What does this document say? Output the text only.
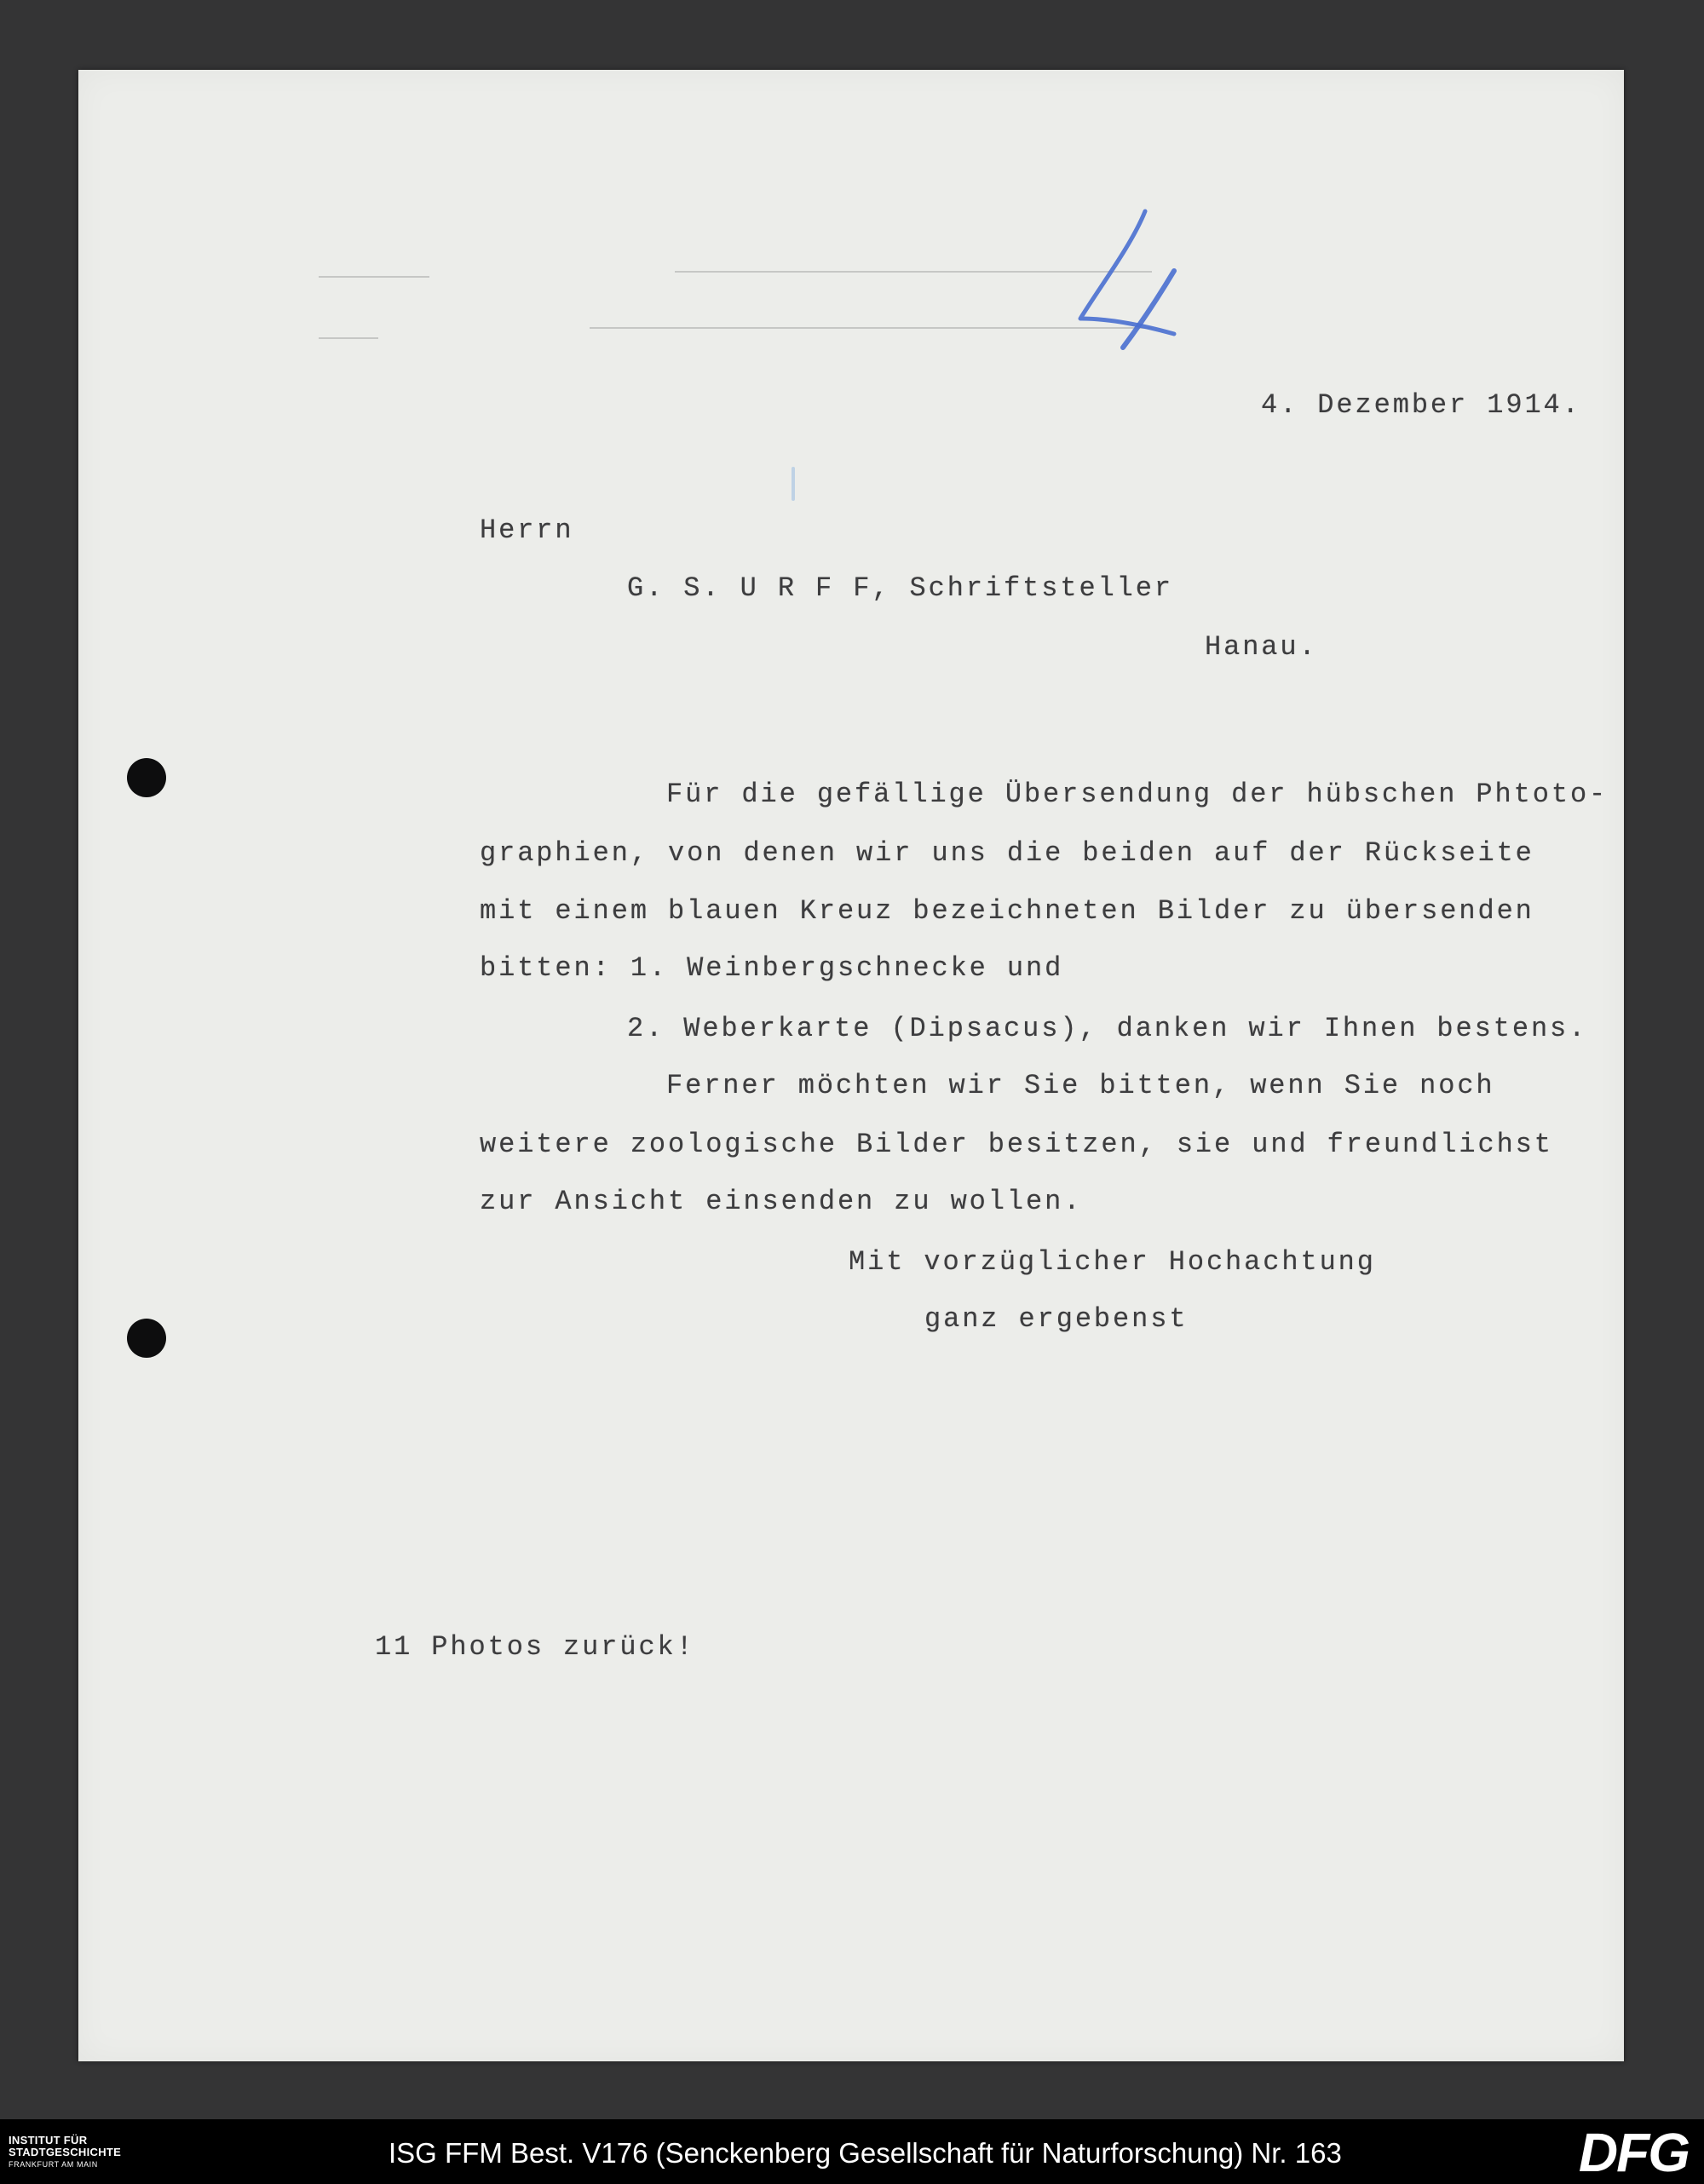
4. Dezember 1914.
Herrn
G. S. U R F F, Schriftsteller
Hanau.
Für die gefällige Übersendung der hübschen Phtoto-
graphien, von denen wir uns die beiden auf der Rückseite
mit einem blauen Kreuz bezeichneten Bilder zu übersenden
bitten: 1. Weinbergschnecke und
2. Weberkarte (Dipsacus), danken wir Ihnen bestens.
Ferner möchten wir Sie bitten, wenn Sie noch
weitere zoologische Bilder besitzen, sie und freundlichst
zur Ansicht einsenden zu wollen.
Mit vorzüglicher Hochachtung
ganz ergebenst
11 Photos zurück!
INSTITUT FÜR
STADTGESCHICHTE
FRANKFURT AM MAIN	ISG FFM Best. V176 (Senckenberg Gesellschaft für Naturforschung) Nr. 163	DFG
